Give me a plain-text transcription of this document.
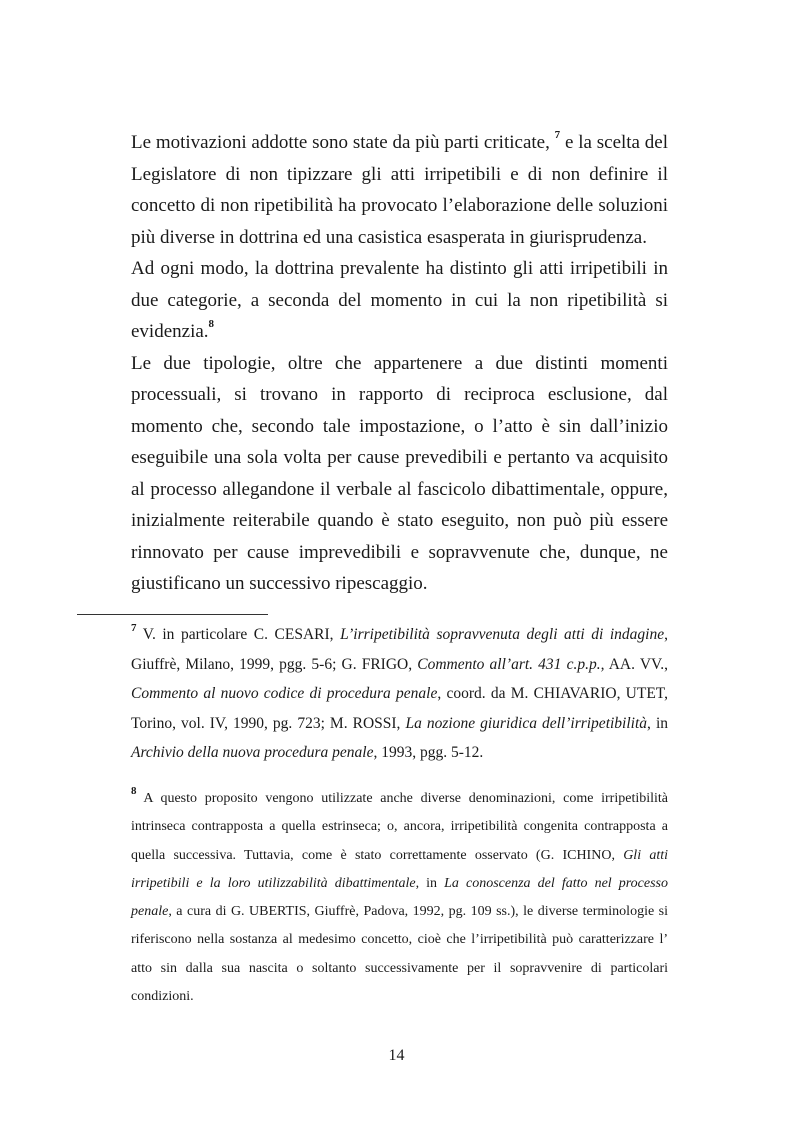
Le motivazioni addotte sono state da più parti criticate, $^7$ e la scelta del Legislatore di non tipizzare gli atti irripetibili e di non definire il concetto di non ripetibilità ha provocato l’elaborazione delle soluzioni più diverse in dottrina ed una casistica esasperata in giurisprudenza.

Ad ogni modo, la dottrina prevalente ha distinto gli atti irripetibili in due categorie, a seconda del momento in cui la non ripetibilità si evidenzia.$^8$

Le due tipologie, oltre che appartenere a due distinti momenti processuali, si trovano in rapporto di reciproca esclusione, dal momento che, secondo tale impostazione, o l’atto è sin dall’inizio eseguibile una sola volta per cause prevedibili e pertanto va acquisito al processo allegandone il verbale al fascicolo dibattimentale, oppure, inizialmente reiterabile quando è stato eseguito, non può più essere rinnovato per cause imprevedibili e sopravvenute che, dunque, ne giustificano un successivo ripescaggio.

$^7$ V. in particolare C. CESARI, L’irripetibilità sopravvenuta degli atti di indagine, Giuffrè, Milano, 1999, pgg. 5-6; G. FRIGO, Commento all’art. 431 c.p.p., AA. VV., Commento al nuovo codice di procedura penale, coord. da M. CHIAVARIO, UTET, Torino, vol. IV, 1990, pg. 723; M. ROSSI, La nozione giuridica dell’irripetibilità, in Archivio della nuova procedura penale, 1993, pgg. 5-12.

$^8$ A questo proposito vengono utilizzate anche diverse denominazioni, come irripetibilità intrinseca contrapposta a quella estrinseca; o, ancora, irripetibilità congenita contrapposta a quella successiva. Tuttavia, come è stato correttamente osservato (G. ICHINO, Gli atti irripetibili e la loro utilizzabilità dibattimentale, in La conoscenza del fatto nel processo penale, a cura di G. UBERTIS, Giuffrè, Padova, 1992, pg. 109 ss.), le diverse terminologie si riferiscono nella sostanza al medesimo concetto, cioè che l’irripetibilità può caratterizzare l’ atto sin dalla sua nascita o soltanto successivamente per il sopravvenire di particolari condizioni.

14
